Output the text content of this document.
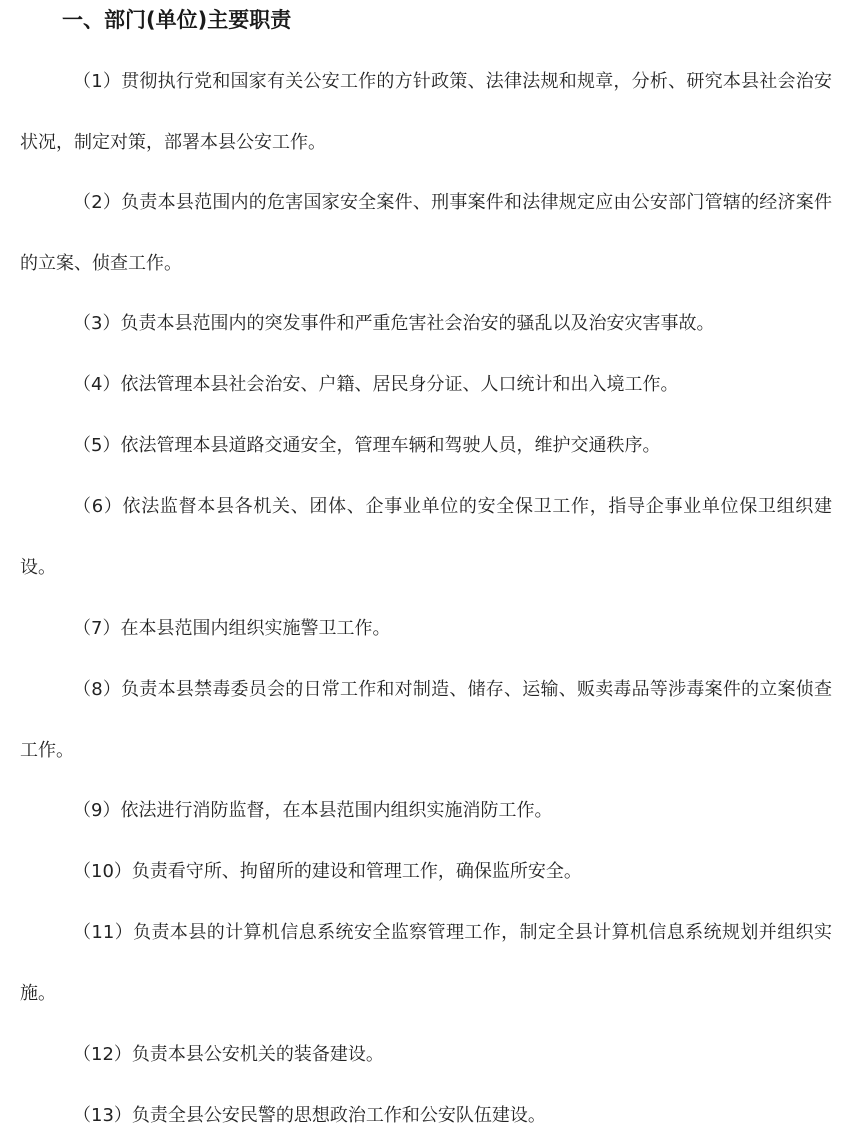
一、部门(单位)主要职责

（1）贯彻执行党和国家有关公安工作的方针政策、法律法规和规章，分析、研究本县社会治安状况，制定对策，部署本县公安工作。

（2）负责本县范围内的危害国家安全案件、刑事案件和法律规定应由公安部门管辖的经济案件的立案、侦查工作。

（3）负责本县范围内的突发事件和严重危害社会治安的骚乱以及治安灾害事故。

（4）依法管理本县社会治安、户籍、居民身分证、人口统计和出入境工作。

（5）依法管理本县道路交通安全，管理车辆和驾驶人员，维护交通秩序。

（6）依法监督本县各机关、团体、企事业单位的安全保卫工作，指导企事业单位保卫组织建设。

（7）在本县范围内组织实施警卫工作。

（8）负责本县禁毒委员会的日常工作和对制造、储存、运输、贩卖毒品等涉毒案件的立案侦查工作。

（9）依法进行消防监督，在本县范围内组织实施消防工作。

（10）负责看守所、拘留所的建设和管理工作，确保监所安全。

（11）负责本县的计算机信息系统安全监察管理工作，制定全县计算机信息系统规划并组织实施。

（12）负责本县公安机关的装备建设。

（13）负责全县公安民警的思想政治工作和公安队伍建设。
